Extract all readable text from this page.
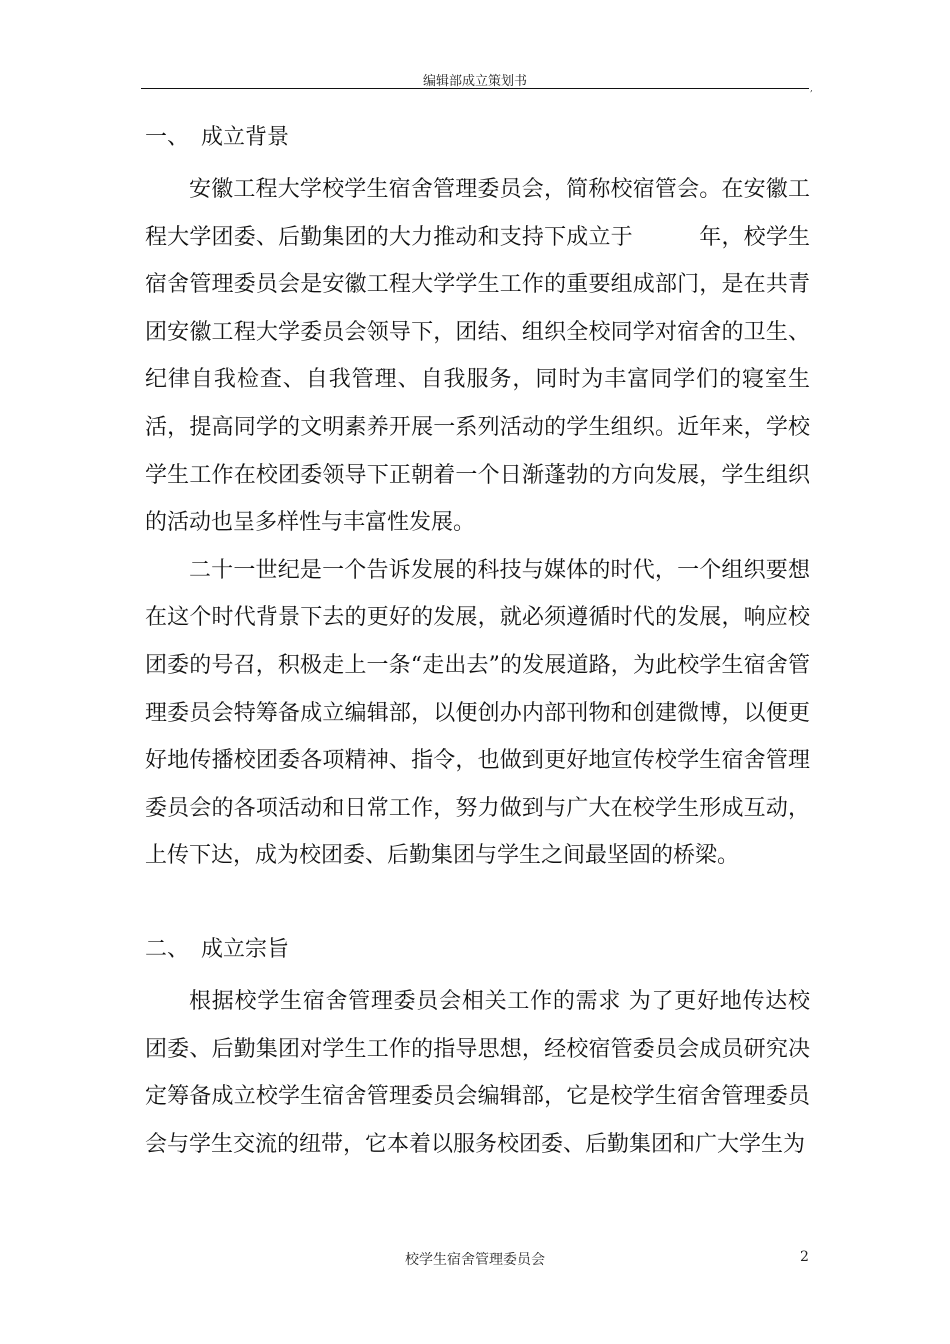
编辑部成立策划书	,
一、 成立背景

安徽工程大学校学生宿舍管理委员会，简称校宿管会。在安徽工程大学团委、后勤集团的大力推动和支持下成立于　　　年，校学生宿舍管理委员会是安徽工程大学学生工作的重要组成部门，是在共青团安徽工程大学委员会领导下，团结、组织全校同学对宿舍的卫生、纪律自我检查、自我管理、自我服务，同时为丰富同学们的寝室生活，提高同学的文明素养开展一系列活动的学生组织。近年来，学校学生工作在校团委领导下正朝着一个日渐蓬勃的方向发展，学生组织的活动也呈多样性与丰富性发展。

二十一世纪是一个告诉发展的科技与媒体的时代，一个组织要想在这个时代背景下去的更好的发展，就必须遵循时代的发展，响应校团委的号召，积极走上一条“走出去”的发展道路，为此校学生宿舍管理委员会特筹备成立编辑部，以便创办内部刊物和创建微博，以便更好地传播校团委各项精神、指令，也做到更好地宣传校学生宿舍管理委员会的各项活动和日常工作，努力做到与广大在校学生形成互动，上传下达，成为校团委、后勤集团与学生之间最坚固的桥梁。

二、 成立宗旨

根据校学生宿舍管理委员会相关工作的需求 为了更好地传达校团委、后勤集团对学生工作的指导思想，经校宿管委员会成员研究决定筹备成立校学生宿舍管理委员会编辑部，它是校学生宿舍管理委员会与学生交流的纽带，它本着以服务校团委、后勤集团和广大学生为

校学生宿舍管理委员会	2
